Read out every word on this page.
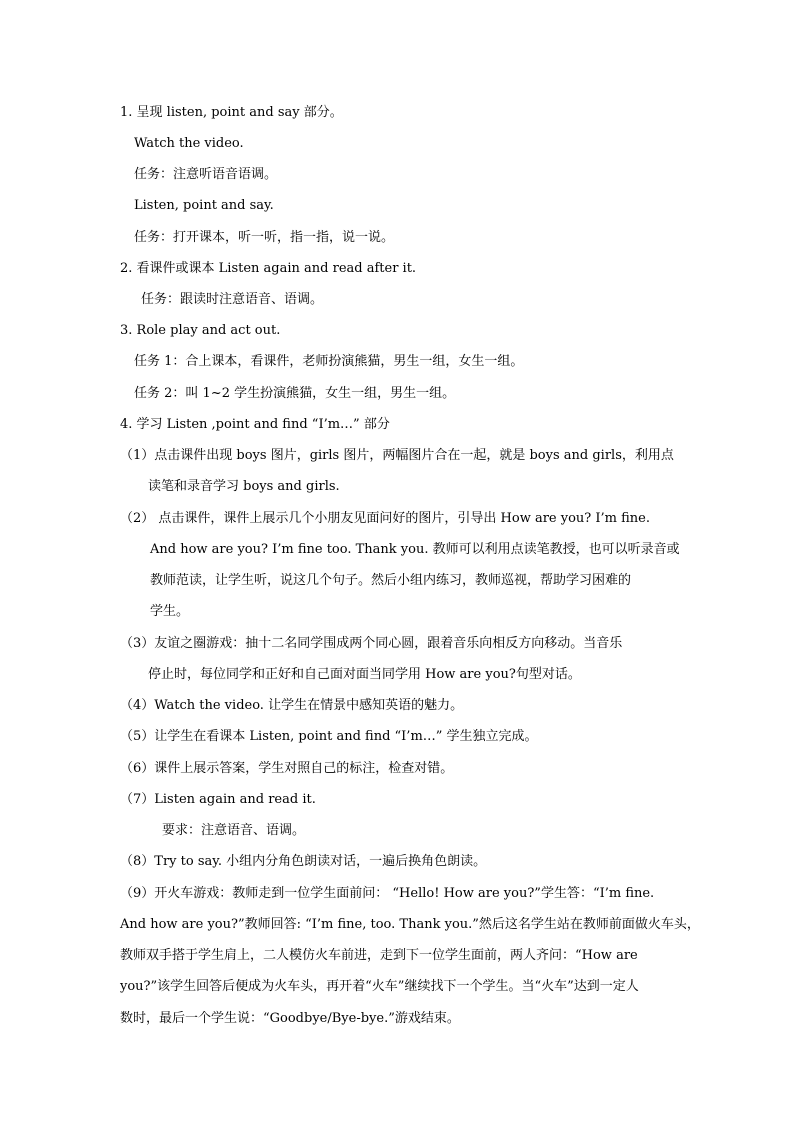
1. 呈现 listen, point and say 部分。
Watch the video.
任务：注意听语音语调。
Listen, point and say.
任务：打开课本，听一听，指一指，说一说。
2. 看课件或课本 Listen again and read after it.
任务：跟读时注意语音、语调。
3. Role play and act out.
任务 1：合上课本，看课件，老师扮演熊猫，男生一组，女生一组。
任务 2：叫 1~2 学生扮演熊猫，女生一组，男生一组。
4. 学习 Listen ,point and find “I’m…” 部分
（1）点击课件出现 boys 图片，girls 图片，两幅图片合在一起，就是 boys and girls，利用点
读笔和录音学习 boys and girls.
（2） 点击课件，课件上展示几个小朋友见面问好的图片，引导出 How are you? I’m fine.
And how are you? I’m fine too. Thank you. 教师可以利用点读笔教授，也可以听录音或
教师范读，让学生听，说这几个句子。然后小组内练习，教师巡视，帮助学习困难的
学生。
（3）友谊之圈游戏：抽十二名同学围成两个同心圆，跟着音乐向相反方向移动。当音乐
停止时，每位同学和正好和自己面对面当同学用 How are you?句型对话。
（4）Watch the video. 让学生在情景中感知英语的魅力。
（5）让学生在看课本 Listen, point and find “I’m…” 学生独立完成。
（6）课件上展示答案，学生对照自己的标注，检查对错。
（7）Listen again and read it.
要求：注意语音、语调。
（8）Try to say. 小组内分角色朗读对话，一遍后换角色朗读。
（9）开火车游戏：教师走到一位学生面前问： “Hello! How are you?”学生答：“I’m fine.
And how are you?”教师回答: “I’m fine, too. Thank you.”然后这名学生站在教师前面做火车头，
教师双手搭于学生肩上，二人模仿火车前进，走到下一位学生面前，两人齐问：“How are
you?”该学生回答后便成为火车头，再开着“火车”继续找下一个学生。当“火车”达到一定人
数时，最后一个学生说：“Goodbye/Bye-bye.”游戏结束。
